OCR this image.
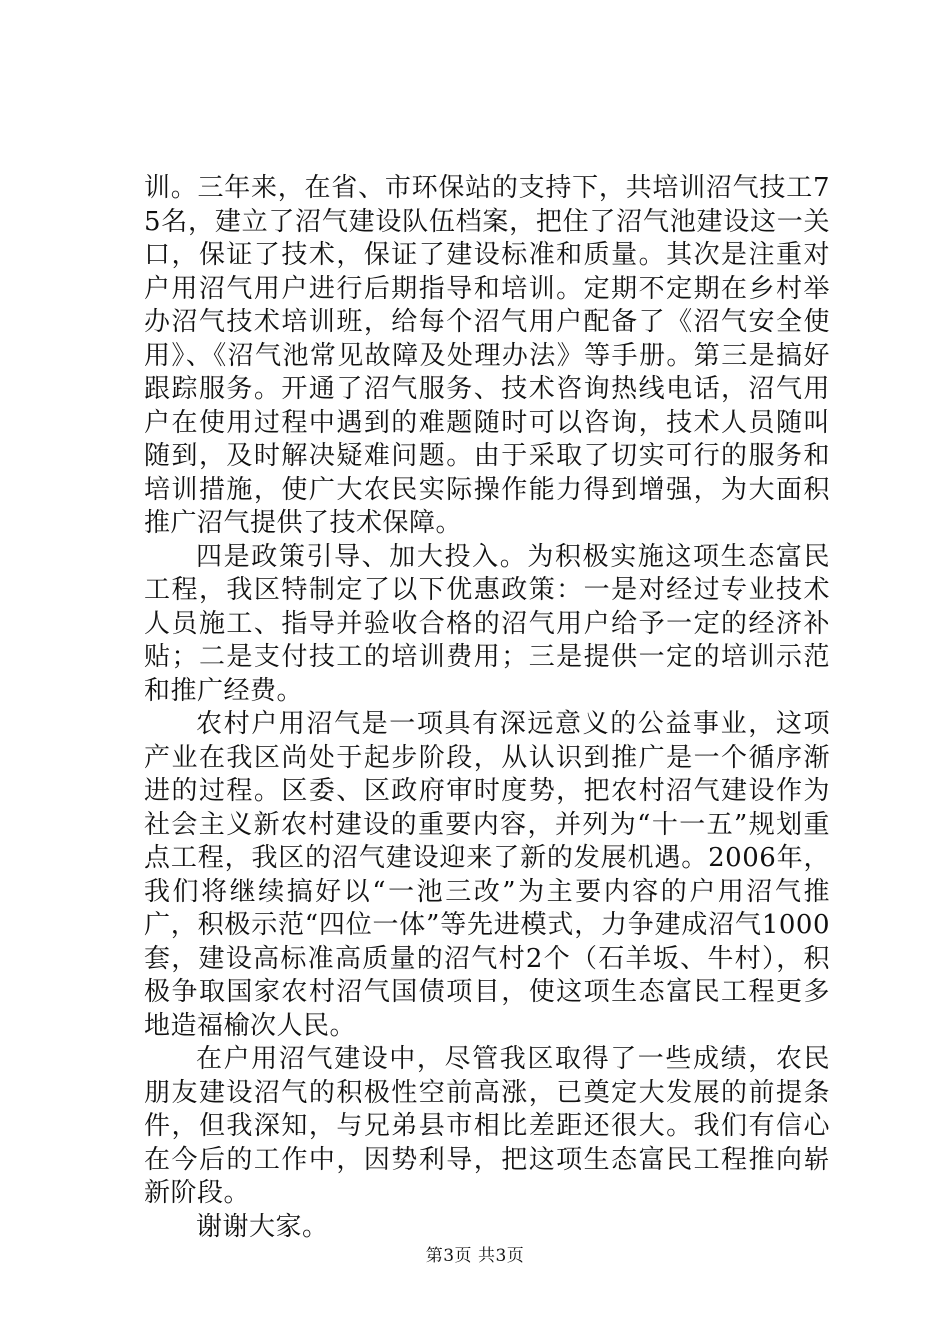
训。三年来，在省、市环保站的支持下，共培训沼气技工75名，建立了沼气建设队伍档案，把住了沼气池建设这一关口，保证了技术，保证了建设标准和质量。其次是注重对户用沼气用户进行后期指导和培训。定期不定期在乡村举办沼气技术培训班，给每个沼气用户配备了《沼气安全使用》、《沼气池常见故障及处理办法》等手册。第三是搞好跟踪服务。开通了沼气服务、技术咨询热线电话，沼气用户在使用过程中遇到的难题随时可以咨询，技术人员随叫随到，及时解决疑难问题。由于采取了切实可行的服务和培训措施，使广大农民实际操作能力得到增强，为大面积推广沼气提供了技术保障。

四是政策引导、加大投入。为积极实施这项生态富民工程，我区特制定了以下优惠政策：一是对经过专业技术人员施工、指导并验收合格的沼气用户给予一定的经济补贴；二是支付技工的培训费用；三是提供一定的培训示范和推广经费。

农村户用沼气是一项具有深远意义的公益事业，这项产业在我区尚处于起步阶段，从认识到推广是一个循序渐进的过程。区委、区政府审时度势，把农村沼气建设作为社会主义新农村建设的重要内容，并列为“十一五”规划重点工程，我区的沼气建设迎来了新的发展机遇。2006年，我们将继续搞好以“一池三改”为主要内容的户用沼气推广，积极示范“四位一体”等先进模式，力争建成沼气1000套，建设高标准高质量的沼气村2个（石羊坂、牛村），积极争取国家农村沼气国债项目，使这项生态富民工程更多地造福榆次人民。

在户用沼气建设中，尽管我区取得了一些成绩，农民朋友建设沼气的积极性空前高涨，已奠定大发展的前提条件，但我深知，与兄弟县市相比差距还很大。我们有信心在今后的工作中，因势利导，把这项生态富民工程推向崭新阶段。

谢谢大家。

第3页 共3页
